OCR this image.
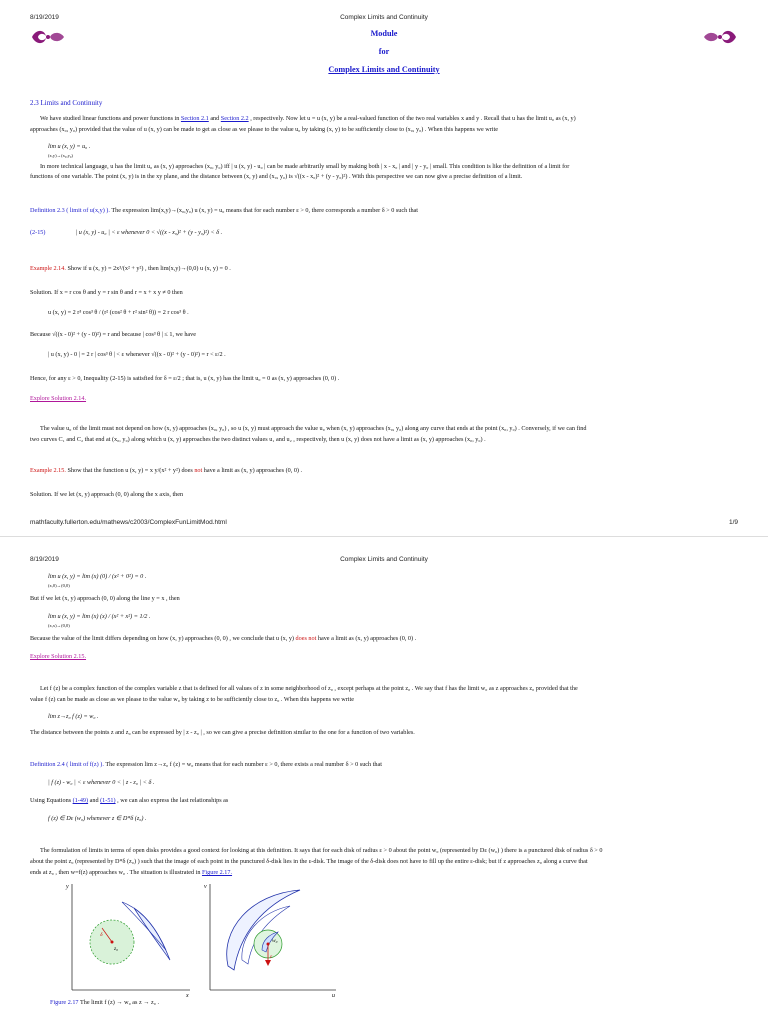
8/19/2019	Complex Limits and Continuity
Module
for
Complex Limits and Continuity
2.3 Limits and Continuity
We have studied linear functions and power functions in Section 2.1 and Section 2.2 , respectively. Now let u = u (x, y) be a real-valued function of the two real variables x and y . Recall that u has the limit u₀ as (x, y)
approaches (x₀, y₀) provided that the value of u (x, y) can be made to get as close as we please to the value u₀ by taking (x, y) to be sufficiently close to (x₀, y₀) . When this happens we write
lim u (x, y) = u₀ .
(x,y)→(x₀,y₀)
In more technical language, u has the limit u₀ as (x, y) approaches (x₀, y₀) iff | u (x, y) - u₀ | can be made arbitrarily small by making both | x - x₀ | and | y - y₀ | small. This condition is like the definition of a limit for
functions of one variable. The point (x, y) is in the xy plane, and the distance between (x, y) and (x₀, y₀) is √((x - x₀)² + (y - y₀)²) . With this perspective we can now give a precise definition of a limit.
Definition 2.3 ( limit of u(x,y) ). The expression lim(x,y)→(x₀,y₀) u (x, y) = u₀ means that for each number ε > 0, there corresponds a number δ > 0 such that
(2-15)	| u (x, y) - u₀ | < ε whenever 0 < √((x - x₀)² + (y - y₀)²) < δ .
Example 2.14. Show if u (x, y) = 2x³/(x² + y²) , then lim(x,y)→(0,0) u (x, y) = 0 .
Solution. If x = r cos θ and y = r sin θ and r = x + x y ≠ 0 then
u (x, y) = 2 r³ cos³ θ / (r² (cos² θ + r² sin² θ)) = 2 r cos³ θ .
Because √((x - 0)² + (y - 0)²) = r and because | cos³ θ | ≤ 1, we have
| u (x, y) - 0 | = 2 r | cos³ θ | < ε whenever √((x - 0)² + (y - 0)²) = r < ε/2 .
Hence, for any ε > 0, Inequality (2-15) is satisfied for δ = ε/2 ; that is, u (x, y) has the limit u₀ = 0 as (x, y) approaches (0, 0) .
Explore Solution 2.14.
The value u₀ of the limit must not depend on how (x, y) approaches (x₀, y₀) , so u (x, y) must approach the value u₀ when (x, y) approaches (x₀, y₀) along any curve that ends at the point (x₀, y₀) . Conversely, if we can find
two curves C₁ and C₂ that end at (x₀, y₀) along which u (x, y) approaches the two distinct values u₁ and u₂ , respectively, then u (x, y) does not have a limit as (x, y) approaches (x₀, y₀) .
Example 2.15. Show that the function u (x, y) = x y/(x² + y²) does not have a limit as (x, y) approaches (0, 0) .
Solution. If we let (x, y) approach (0, 0) along the x axis, then
mathfaculty.fullerton.edu/mathews/c2003/ComplexFunLimitMod.html	1/9
8/19/2019	Complex Limits and Continuity
lim u (x, y) = lim (x) (0) / (x² + 0²) = 0 .
(x,0)→(0,0)
But if we let (x, y) approach (0, 0) along the line y = x , then
lim u (x, y) = lim (x) (x) / (x² + x²) = 1/2 .
(x,x)→(0,0)
Because the value of the limit differs depending on how (x, y) approaches (0, 0) , we conclude that u (x, y) does not have a limit as (x, y) approaches (0, 0) .
Explore Solution 2.15.
Let f (z) be a complex function of the complex variable z that is defined for all values of z in some neighborhood of z₀ , except perhaps at the point z₀ . We say that f has the limit w₀ as z approaches z₀ provided that the
value f (z) can be made as close as we please to the value w₀ by taking z to be sufficiently close to z₀ . When this happens we write
lim z→z₀ f (z) = w₀ .
The distance between the points z and z₀ can be expressed by | z - z₀ | , so we can give a precise definition similar to the one for a function of two variables.
Definition 2.4 ( limit of f(z) ). The expression lim z→z₀ f (z) = w₀ means that for each number ε > 0, there exists a real number δ > 0 such that
| f (z) - w₀ | < ε whenever 0 < | z - z₀ | < δ .
Using Equations (1-49) and (1-51) , we can also express the last relationships as
f (z) ∈ Dε (w₀) whenever z ∈ D*δ (z₀) .
The formulation of limits in terms of open disks provides a good context for looking at this definition. It says that for each disk of radius ε > 0 about the point w₀ (represented by Dε (w₀) ) there is a punctured disk of radius δ > 0
about the point z₀ (represented by D*δ (z₀) ) such that the image of each point in the punctured δ-disk lies in the ε-disk. The image of the δ-disk does not have to fill up the entire ε-disk; but if z approaches z₀ along a curve that
ends at z₀ , then w=f(z) approaches w₀ . The situation is illustrated in Figure 2.17.
y
x
z₀
δ
v
u
w₀
ε
Figure 2.17 The limit f (z) → w₀ as z → z₀ .
